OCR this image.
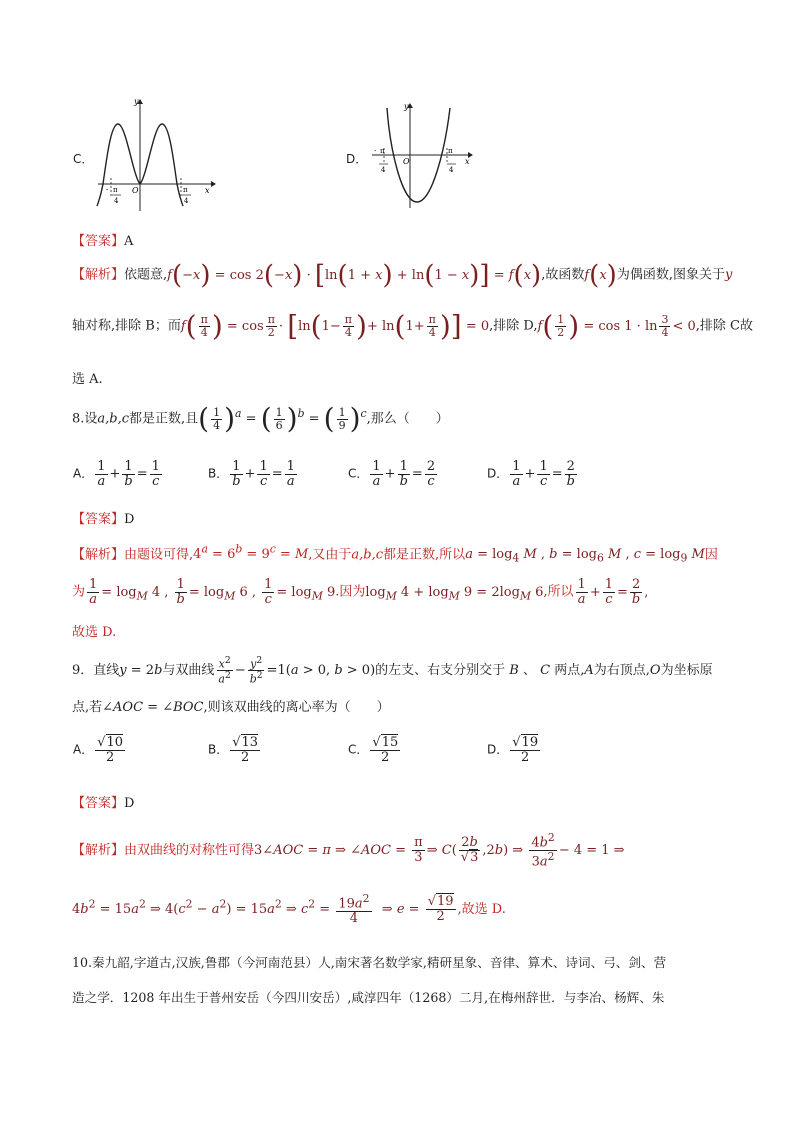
C．
y
x
O
- π
4
π
4
D．
y
x
O
- π
4
π
4
【答案】A
【解析】依题意,f(−x) = cos 2(−x) · [ln(1 + x) + ln(1 − x)] = f(x),故函数f(x)为偶函数,图象关于y
轴对称,排除 B；而$f( \frac{\pi}{4}$ ) = $\cos \frac{\pi}{2} \cdot [\ln(1- \frac{\pi}{4}$ )+ $\ln(1+ \frac{\pi}{4}$ )] = 0,排除 $D,f( \frac{1}{2}$ ) = $\cos 1 \cdot \ln \frac{3}{4} < 0$,排除 C故
选 A.
8.设a,b,c都是正数,且( $\frac{1}{4} )^a$ = ( $\frac{1}{6} )^b$ = ( $\frac{1}{9} )^c$,那么（　　）
A． $\frac{1}{a} + \frac{1}{b} = \frac{1}{c}$	B． $\frac{1}{b} + \frac{1}{c} = \frac{1}{a}$	C． $\frac{1}{a} + \frac{1}{b} = \frac{2}{c}$	D． $\frac{1}{a} + \frac{1}{c} = \frac{2}{b}$
【答案】D
【解析】由题设可得$,4^a = 6^b = 9^c = M$,又由于a,b,c都是正数,所以$a = \log_4 M$ , $b = \log_6 M$ , $c = \log_9 M$因
为 $\frac{1}{a} = \log_M 4$ , $\frac{1}{b} = \log_M 6$ , $\frac{1}{c} = \log_M 9$.因为$\log_M 4 + \log_M 9 = 2\log_M$ 6,所以 $\frac{1}{a} + \frac{1}{c} = \frac{2}{b}$ ,
故选 D.
9．直线y = 2b与双曲线 $\frac{x^2}{a^2} - \frac{y^2}{b^2} =1(a > 0$, b > 0)的左支、右支分别交于 B 、 C 两点,A为右顶点,O为坐标原
点,若∠AOC = ∠BOC,则该双曲线的离心率为（　　）
A． $\frac{√10}{2}$	B． $\frac{√13}{2}$	C． $\frac{√15}{2}$	D． $\frac{√19}{2}$
【答案】D
【解析】由双曲线的对称性可得3∠AOC = π ⇒ ∠AOC = $\frac{\pi}{3}$ ⇒ $C( \frac{2b}{√3} ,2b)$ ⇒ $\frac{4b^2}{3a^2} - 4 = 1$ ⇒
$4b^2 = 15a^2$ ⇒ $4(c^2 - a^2) = 15a^2$ ⇒ $c^2 = \frac{19a^2}{4}$ ⇒ $e = \frac{√19}{2}$ ,故选 D.
10.秦九韶,字道古,汉族,鲁郡（今河南范县）人,南宋著名数学家,精研星象、音律、算术、诗词、弓、剑、营
造之学．1208 年出生于普州安岳（今四川安岳）,咸淳四年（1268）二月,在梅州辞世．与李冶、杨辉、朱
